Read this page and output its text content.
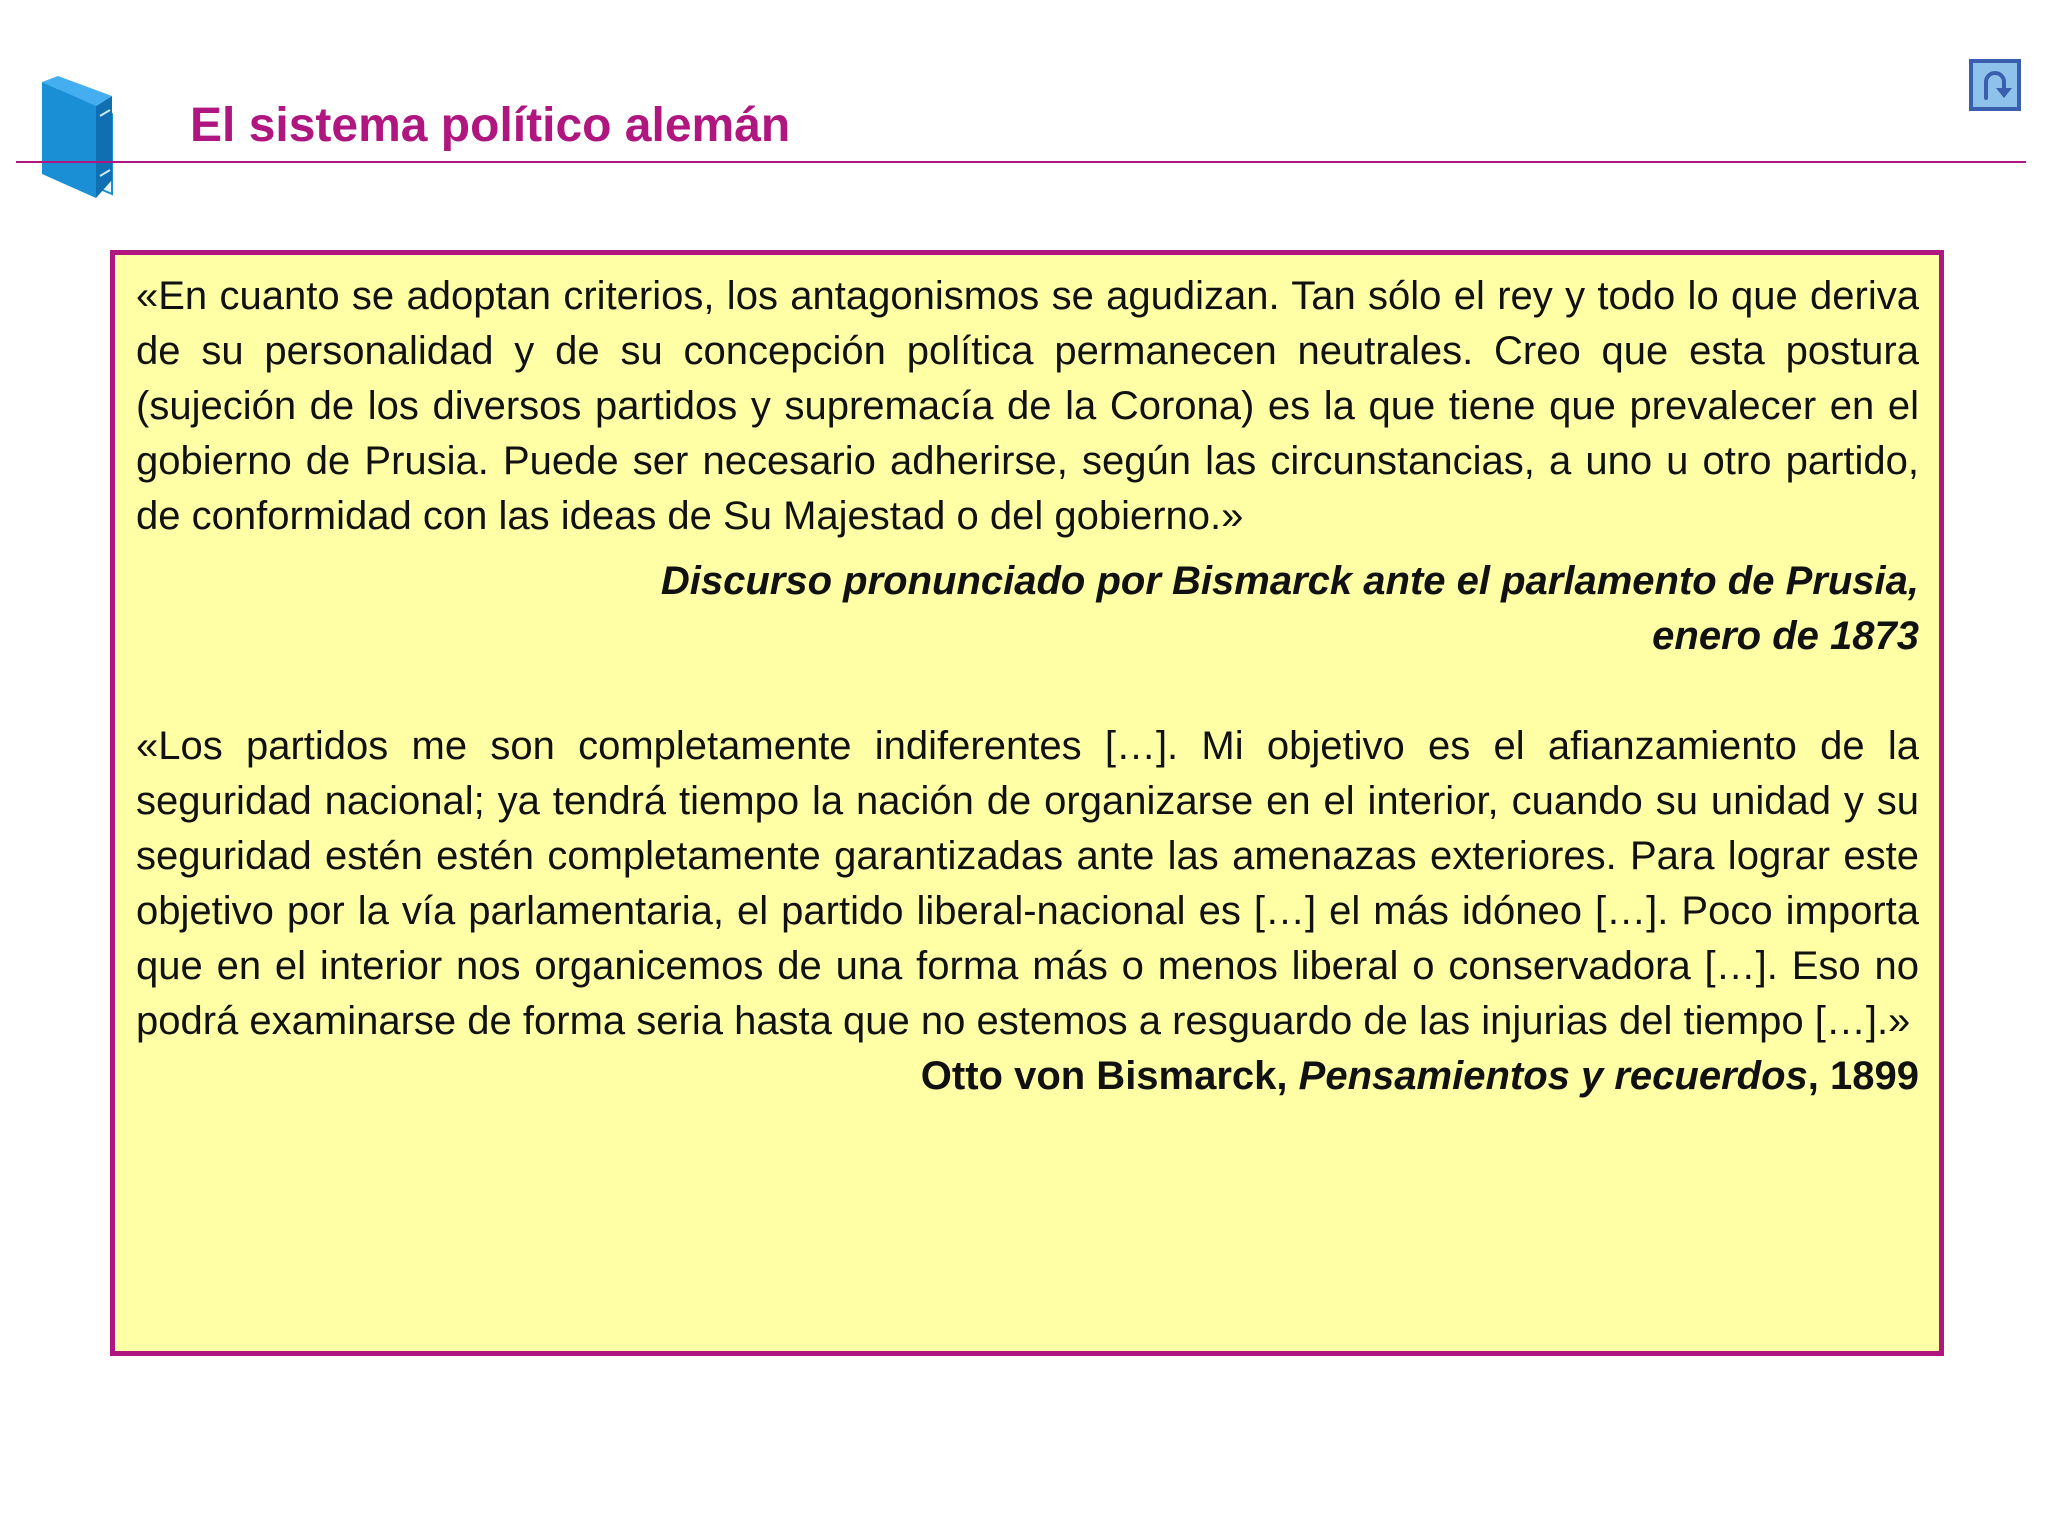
El sistema político alemán

«En cuanto se adoptan criterios, los antagonismos se agudizan. Tan sólo el rey y todo lo que deriva de su personalidad y de su concepción política permanecen neutrales. Creo que esta postura (sujeción de los diversos partidos y supremacía de la Corona) es la que tiene que prevalecer en el gobierno de Prusia. Puede ser necesario adherirse, según las circunstancias, a uno u otro partido, de conformidad con las ideas de Su Majestad o del gobierno.»

Discurso pronunciado por Bismarck ante el parlamento de Prusia,
enero de 1873

«Los partidos me son completamente indiferentes […]. Mi objetivo es el afianzamiento de la seguridad nacional; ya tendrá tiempo la nación de organizarse en el interior, cuando su unidad y su seguridad estén estén completamente garantizadas ante las amenazas exteriores. Para lograr este objetivo por la vía parlamentaria, el partido liberal-nacional es […] el más idóneo […]. Poco importa que en el interior nos organicemos de una forma más o menos liberal o conservadora […]. Eso no podrá examinarse de forma seria hasta que no estemos a resguardo de las injurias del tiempo […].»

Otto von Bismarck, Pensamientos y recuerdos, 1899
